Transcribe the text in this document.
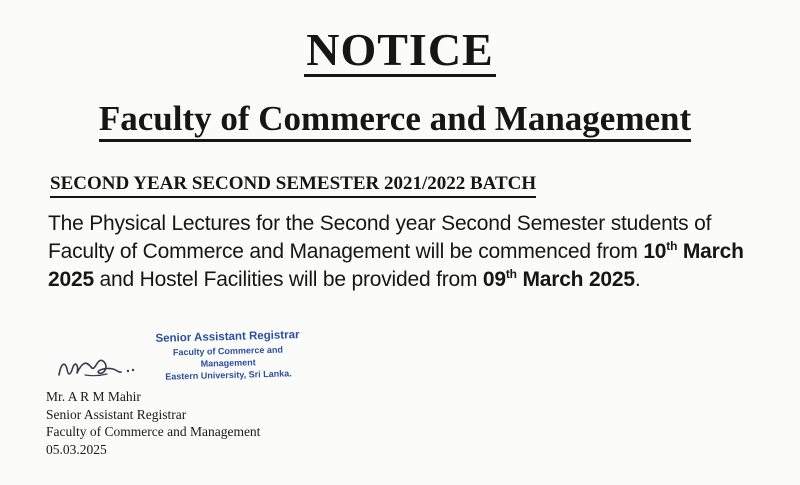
NOTICE
Faculty of Commerce and Management
SECOND YEAR SECOND SEMESTER 2021/2022 BATCH
The Physical Lectures for the Second year Second Semester students of Faculty of Commerce and Management will be commenced from 10th March 2025 and Hostel Facilities will be provided from 09th March 2025.
Senior Assistant Registrar
Faculty of Commerce and Management
Eastern University, Sri Lanka.
Mr. A R M Mahir
Senior Assistant Registrar
Faculty of Commerce and Management
05.03.2025
